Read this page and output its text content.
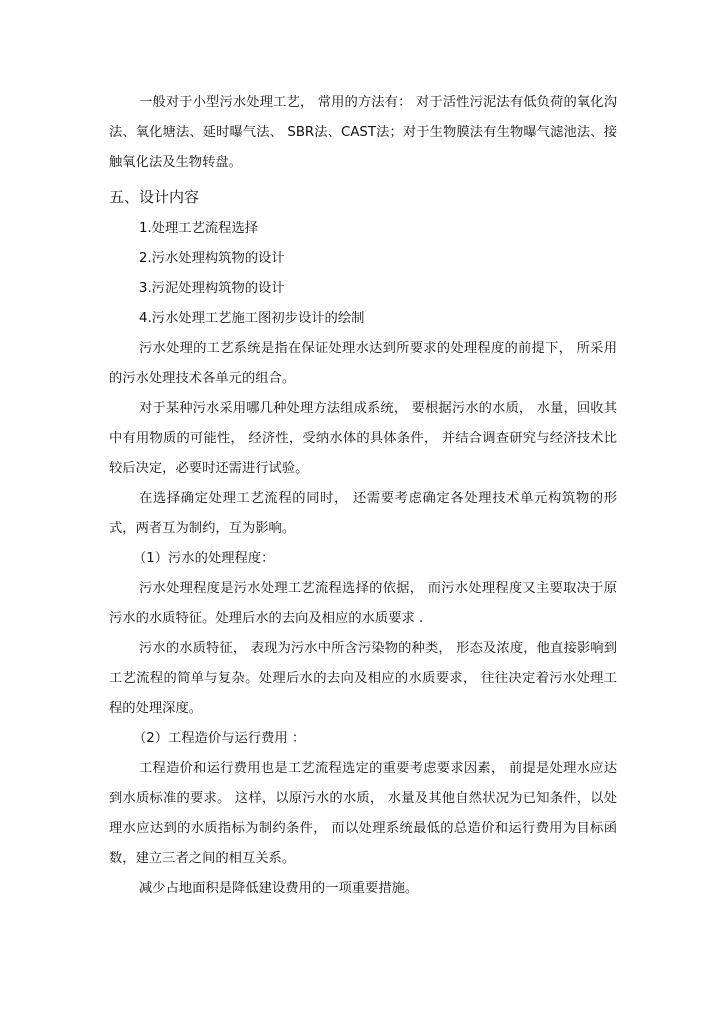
一般对于小型污水处理工艺， 常用的方法有： 对于活性污泥法有低负荷的氧化沟法、氧化塘法、延时曝气法、 SBR法、CAST法；对于生物膜法有生物曝气滤池法、接触氧化法及生物转盘。

五、设计内容

1.处理工艺流程选择

2.污水处理构筑物的设计

3.污泥处理构筑物的设计

4.污水处理工艺施工图初步设计的绘制

污水处理的工艺系统是指在保证处理水达到所要求的处理程度的前提下， 所采用的污水处理技术各单元的组合。

对于某种污水采用哪几种处理方法组成系统， 要根据污水的水质， 水量，回收其中有用物质的可能性， 经济性，受纳水体的具体条件， 并结合调查研究与经济技术比较后决定，必要时还需进行试验。

在选择确定处理工艺流程的同时， 还需要考虑确定各处理技术单元构筑物的形式，两者互为制约，互为影响。

（1）污水的处理程度：

污水处理程度是污水处理工艺流程选择的依据， 而污水处理程度又主要取决于原污水的水质特征。处理后水的去向及相应的水质要求 .

污水的水质特征， 表现为污水中所含污染物的种类， 形态及浓度，他直接影响到工艺流程的简单与复杂。处理后水的去向及相应的水质要求， 往往决定着污水处理工程的处理深度。

（2）工程造价与运行费用 ：

工程造价和运行费用也是工艺流程选定的重要考虑要求因素， 前提是处理水应达到水质标准的要求。 这样，以原污水的水质， 水量及其他自然状况为已知条件，以处理水应达到的水质指标为制约条件， 而以处理系统最低的总造价和运行费用为目标函数，建立三者之间的相互关系。

减少占地面积是降低建设费用的一项重要措施。
